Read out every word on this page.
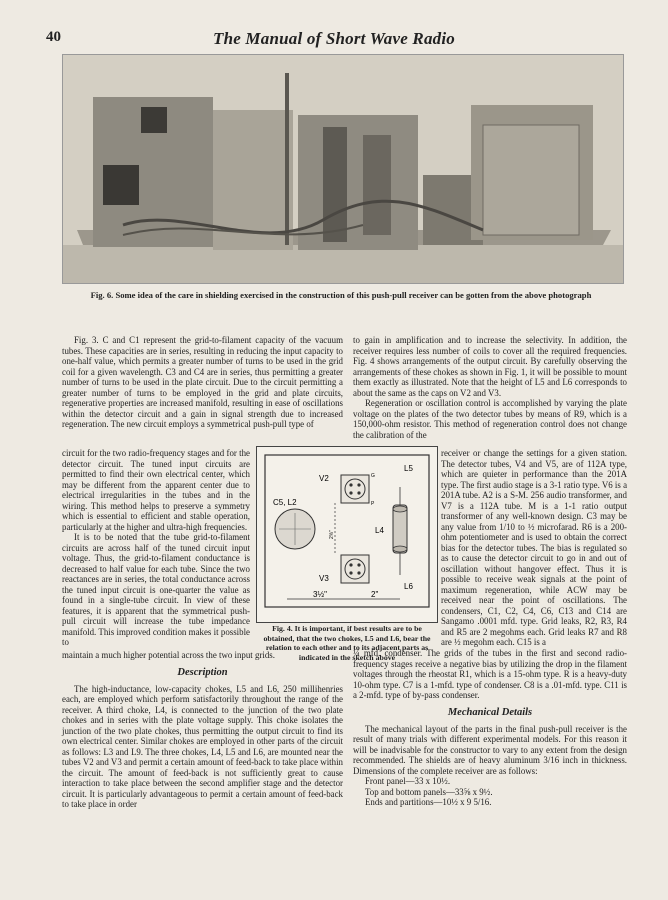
40	The Manual of Short Wave Radio
Fig. 6. Some idea of the care in shielding exercised in the construction of this push-pull receiver can be gotten from the above photograph

Fig. 3. C and C1 represent the grid-to-filament capacity of the vacuum tubes. These capacities are in series, resulting in reducing the input capacity to one-half value, which permits a greater number of turns to be used in the grid coil for a given wavelength. C3 and C4 are in series, thus permitting a greater number of turns to be used in the plate circuit. Due to the circuit permitting a greater number of turns to be employed in the grid and plate circuits, regenerative properties are increased manifold, resulting in ease of oscillations within the detector circuit and a gain in signal strength due to increased regeneration. The new circuit employs a symmetrical push-pull type of

circuit for the two radio-frequency stages and for the detector circuit. The tuned input circuits are permitted to find their own electrical center, which may be different from the apparent center due to electrical irregularities in the tubes and in the wiring. This method helps to preserve a symmetry which is essential to efficient and stable operation, particularly at the higher and ultra-high frequencies.

It is to be noted that the tube grid-to-filament circuits are across half of the tuned circuit input voltage. Thus, the grid-to-filament conductance is decreased to half value for each tube. Since the two reactances are in series, the total conductance across the tuned input circuit is one-quarter the value as found in a single-tube circuit. In view of these features, it is apparent that the symmetrical push-pull circuit will increase the tube impedance manifold. This improved condition makes it possible to

maintain a much higher potential across the two input grids.

Description

The high-inductance, low-capacity chokes, L5 and L6, 250 millihenries each, are employed which perform satisfactorily throughout the range of the receiver. A third choke, L4, is connected to the junction of the two plate chokes and in series with the plate voltage supply. This choke isolates the junction of the two plate chokes, thus permitting the output circuit to find its own electrical center. Similar chokes are employed in other parts of the circuit as follows: L3 and L9. The three chokes, L4, L5 and L6, are mounted near the tubes V2 and V3 and permit a certain amount of feed-back to take place within the circuit. The amount of feed-back is not sufficiently great to cause interaction to take place between the second amplifier stage and the detector circuit. It is particularly advantageous to permit a certain amount of feed-back to take place in order

to gain in amplification and to increase the selectivity. In addition, the receiver requires less number of coils to cover all the required frequencies. Fig. 4 shows arrangements of the output circuit. By carefully observing the arrangements of these chokes as shown in Fig. 1, it will be possible to mount them exactly as illustrated. Note that the height of L5 and L6 corresponds to about the same as the caps on V2 and V3.

Regeneration or oscillation control is accomplished by varying the plate voltage on the plates of the two detector tubes by means of R9, which is a 150,000-ohm resistor. This method of regeneration control does not change the calibration of the

receiver or change the settings for a given station. The detector tubes, V4 and V5, are of 112A type, which are quieter in performance than the 201A type. The first audio stage is a 3-1 ratio type. V6 is a 201A tube. A2 is a S-M. 256 audio transformer, and V7 is a 112A tube. M is a 1-1 ratio output transformer of any well-known design. C3 may be any value from 1/10 to ½ microfarad. R6 is a 200-ohm potentiometer and is used to obtain the correct bias for the detector tubes. The bias is regulated so as to cause the detector circuit to go in and out of oscillation without hangover effect. Thus it is possible to receive weak signals at the point of maximum regeneration, while ACW may be received near the point of oscillations. The condensers, C1, C2, C4, C6, C13 and C14 are Sangamo .0001 mfd. type. Grid leaks, R2, R3, R4 and R5 are 2 megohms each. Grid leaks R7 and R8 are ½ megohm each. C15 is a

¼ mfd. condenser. The grids of the tubes in the first and second radio-frequency stages receive a negative bias by utilizing the drop in the filament voltages through the rheostat R1, which is a 15-ohm type. R is a heavy-duty 10-ohm type. C7 is a 1-mfd. type of condenser. C8 is a .01-mfd. type. C11 is a 2-mfd. type of by-pass condenser.

Mechanical Details

The mechanical layout of the parts in the final push-pull receiver is the result of many trials with different experimental models. For this reason it will be inadvisable for the constructor to vary to any extent from the design recommended. The shields are of heavy aluminum 3/16 inch in thickness. Dimensions of the complete receiver are as follows:

Front panel—33 x 10½.
Top and bottom panels—33⅝ x 9½.
Ends and partitions—10½ x 9 5/16.
C5, L2
V2	G
P
V3
2⅝"
L5
L6
L4
3½"	2"
Fig. 4. It is important, if best results are to be obtained, that the two chokes, L5 and L6, bear the relation to each other and to its adjacent parts as indicated in the sketch above
